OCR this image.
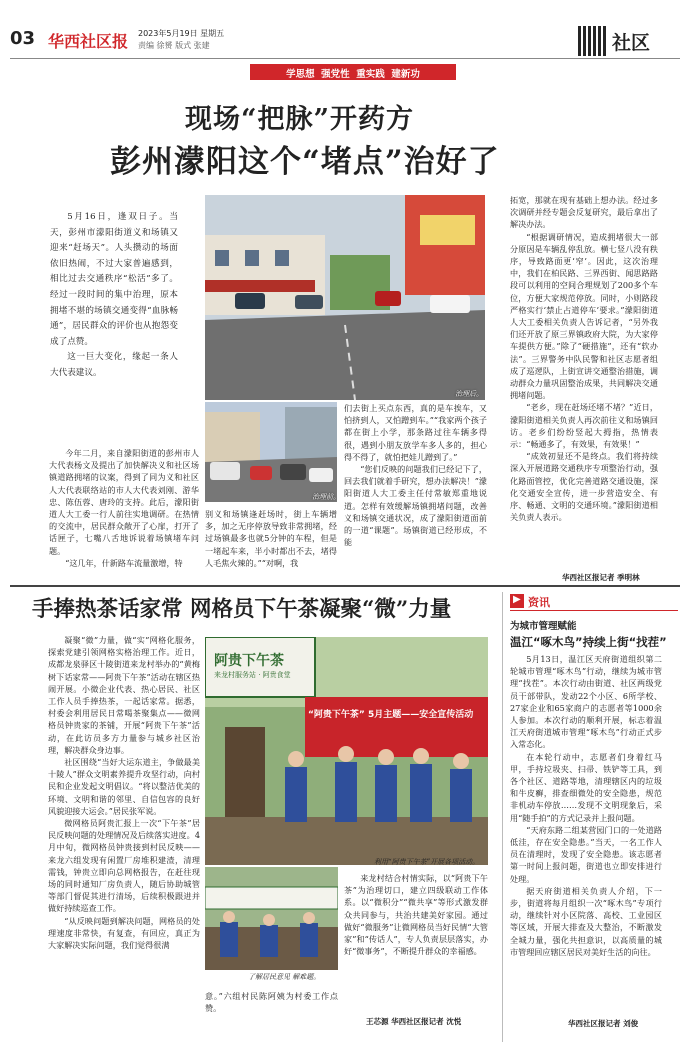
03 华西社区报 2023年5月19日 星期五
责编 徐赟 版式 张建	社区
学思想  强党性  重实践  建新功
现场“把脉”开药方
彭州濛阳这个“堵点”治好了

5月16日，逢双日子。当天，彭州市濛阳街道义和场镇又迎来“赶场天”。人头攒动的场面依旧热闹，不过大家普遍感到，相比过去交通秩序“松活”多了。经过一段时间的集中治理，原本拥堵不堪的场镇交通变得“血脉畅通”，居民群众的评价也从抱怨变成了点赞。

这一巨大变化，缘起一条人大代表建议。

治理后。
治理前。

今年二月，来自濛阳街道的彭州市人大代表杨文及提出了加快解决义和社区场镇道路拥堵的议案，得到了同为义和社区人大代表联络站的市人大代表刘刚、游华忠、陈伍蓉、唐玲的支持。此后，濛阳街道人大工委一行人前往实地调研。在热情的交流中，居民群众敞开了心扉，打开了话匣子，七嘴八舌地诉说着场镇堵车问题。

“这几年，什新路车流量激增，特

别义和场镇逢赶场时，街上车辆增多，加之无序停放导致非常拥堵，经过场镇最多也就5分钟的车程，但是一堵起车来，半小时都出不去，堵得人毛焦火辣的。”“对啊，我

们去街上买点东西，真的是车挨车，又怕挤到人，又怕蹭到车。”“我家两个孩子都在街上小学，那条路过往车辆多得很，遇到小朋友放学车多人多的，担心得不得了，就怕把娃儿蹭到了。”

“您们反映的问题我们已经记下了，回去我们就着手研究，想办法解决！”濛阳街道人大工委主任付常敏郑重地说道。怎样有效缓解场镇拥堵问题，改善义和场镇交通状况，成了濛阳街道面前的一道“课题”。场镇街道已经形成，不能

拓宽，那就在现有基础上想办法。经过多次调研并经专题会反复研究，最后拿出了解决办法。

“根据调研情况，造成拥堵很大一部分原因是车辆乱停乱放。横七竖八没有秩序，导致路面更‘窄’。因此，这次治理中，我们在柏民路、三界西街、闻思路路段可以利用的空间合理规划了200多个车位，方便大家规范停放。同时，小则路段严格实行‘禁止占道停车’要求。”濛阳街道人大工委相关负责人告诉记者，“另外我们还开放了原三界镇政府大院，为大家停车提供方便。”除了“硬措施”，还有“软办法”。三界警务中队民警和社区志愿者组成了巡逻队，上街宣讲交通整治措施，调动群众力量巩固整治成果，共同解决交通拥堵问题。

“老乡，现在赶场还堵不堵？”近日，濛阳街道相关负责人再次前往义和场镇回访。老乡们纷纷竖起大拇指，热情表示：“畅通多了，有效果，有效果！”

“成效初显还不是终点。我们将持续深入开展道路交通秩序专项整治行动，强化路面管控，优化完善道路交通设施，深化交通安全宣传，进一步营造安全、有序、畅通、文明的交通环境。”濛阳街道相关负责人表示。

华西社区报记者 季明林
手捧热茶话家常 网格员下午茶凝聚“微”力量

凝聚“微”力量，做“实”网格化服务，探索党建引领网格实格治理工作。近日，成都龙泉驿区十陵街道来龙村举办的“黄梅树下话家常——阿贵下午茶”活动在辖区热闹开展。小微企业代表、热心居民、社区工作人员手捧热茶，一起话家常。据悉，村委会利用居民日常喝茶聚集点——微网格员钟贵家的茶铺，开展“阿贵下午茶”活动，在此访员多方力量参与城乡社区治理，解决群众身边事。

社区围绕“当好大运东道主，争做最美十陵人”群众文明素养提升攻坚行动，向村民和企业发起文明倡议。“将以整洁优美的环境、文明和谐的邻里、自信包容的良好风貌迎接大运会。”居民张军说。

微网格员阿贵汇报上一次“下午茶”居民反映问题的处理情况及后续落实进度。4月中旬，微网格员钟贵接到村民反映——来龙六组发现有闲置厂房堆积建渣，清理需钱，钟贵立即向总网格报告，在赶往现场的同时通知厂房负责人，随后协助城管等部门督促其进行清场，后续积极跟进并做好持续巡查工作。

“从反映问题到解决问题，网格员的处理速度非常快，有复查，有回应，真正为大家解决实际问题，我们觉得很满

阿贵下午茶
来龙村服务站 · 阿贵食堂
“阿贵下午茶” 5月主题——安全宣传活动
利用“阿贵下午茶”开展各项活动。
了解居民意见 解难题。

意。”六组村民陈阿姨为村委工作点赞。

来龙村结合村情实际，以“阿贵下午茶”为治理切口，建立四级联动工作体系。以“微积分”“微共享”等形式激发群众共同参与，共治共建美好家园。通过做好“微服务”让微网格员当好民情“大管家”和“传话人”，专人负责层层落实，办好“微事务”，不断提升群众的幸福感。

王芯源 华西社区报记者 沈悦
▶ 资讯
为城市管理赋能
温江“啄木鸟”持续上街“找茬”

5月13日，温江区天府街道组织第二轮城市管理“啄木鸟”行动，继续为城市管理“找茬”。本次行动由街道、社区两级党员干部带队，发动22个小区、6所学校、27家企业和65家商户的志愿者等1000余人参加。本次行动的顺利开展，标志着温江天府街道城市管理“啄木鸟”行动正式步入常态化。

在本轮行动中，志愿者们身着红马甲，手持垃圾夹、扫帚、铁铲等工具，到各个社区、道路等地，清理辖区内的垃圾和牛皮癣，排查细微处的安全隐患，规范非机动车停放……发现不文明现象后，采用“随手拍”的方式记录并上报问题。

“天府东路二组某营园门口的一处道路低洼，存在安全隐患。”当天，一名工作人员在清理时，发现了安全隐患。该志愿者第一时间上报问题，街道也立即安排进行处理。

据天府街道相关负责人介绍，下一步，街道将每月组织一次“啄木鸟”专项行动，继续针对小区院落、高校、工业园区等区域，开展大排查及大整治，不断激发全城力量，强化共担意识，以高质量的城市管理回应辖区居民对美好生活的向往。

华西社区报记者 刘俊
